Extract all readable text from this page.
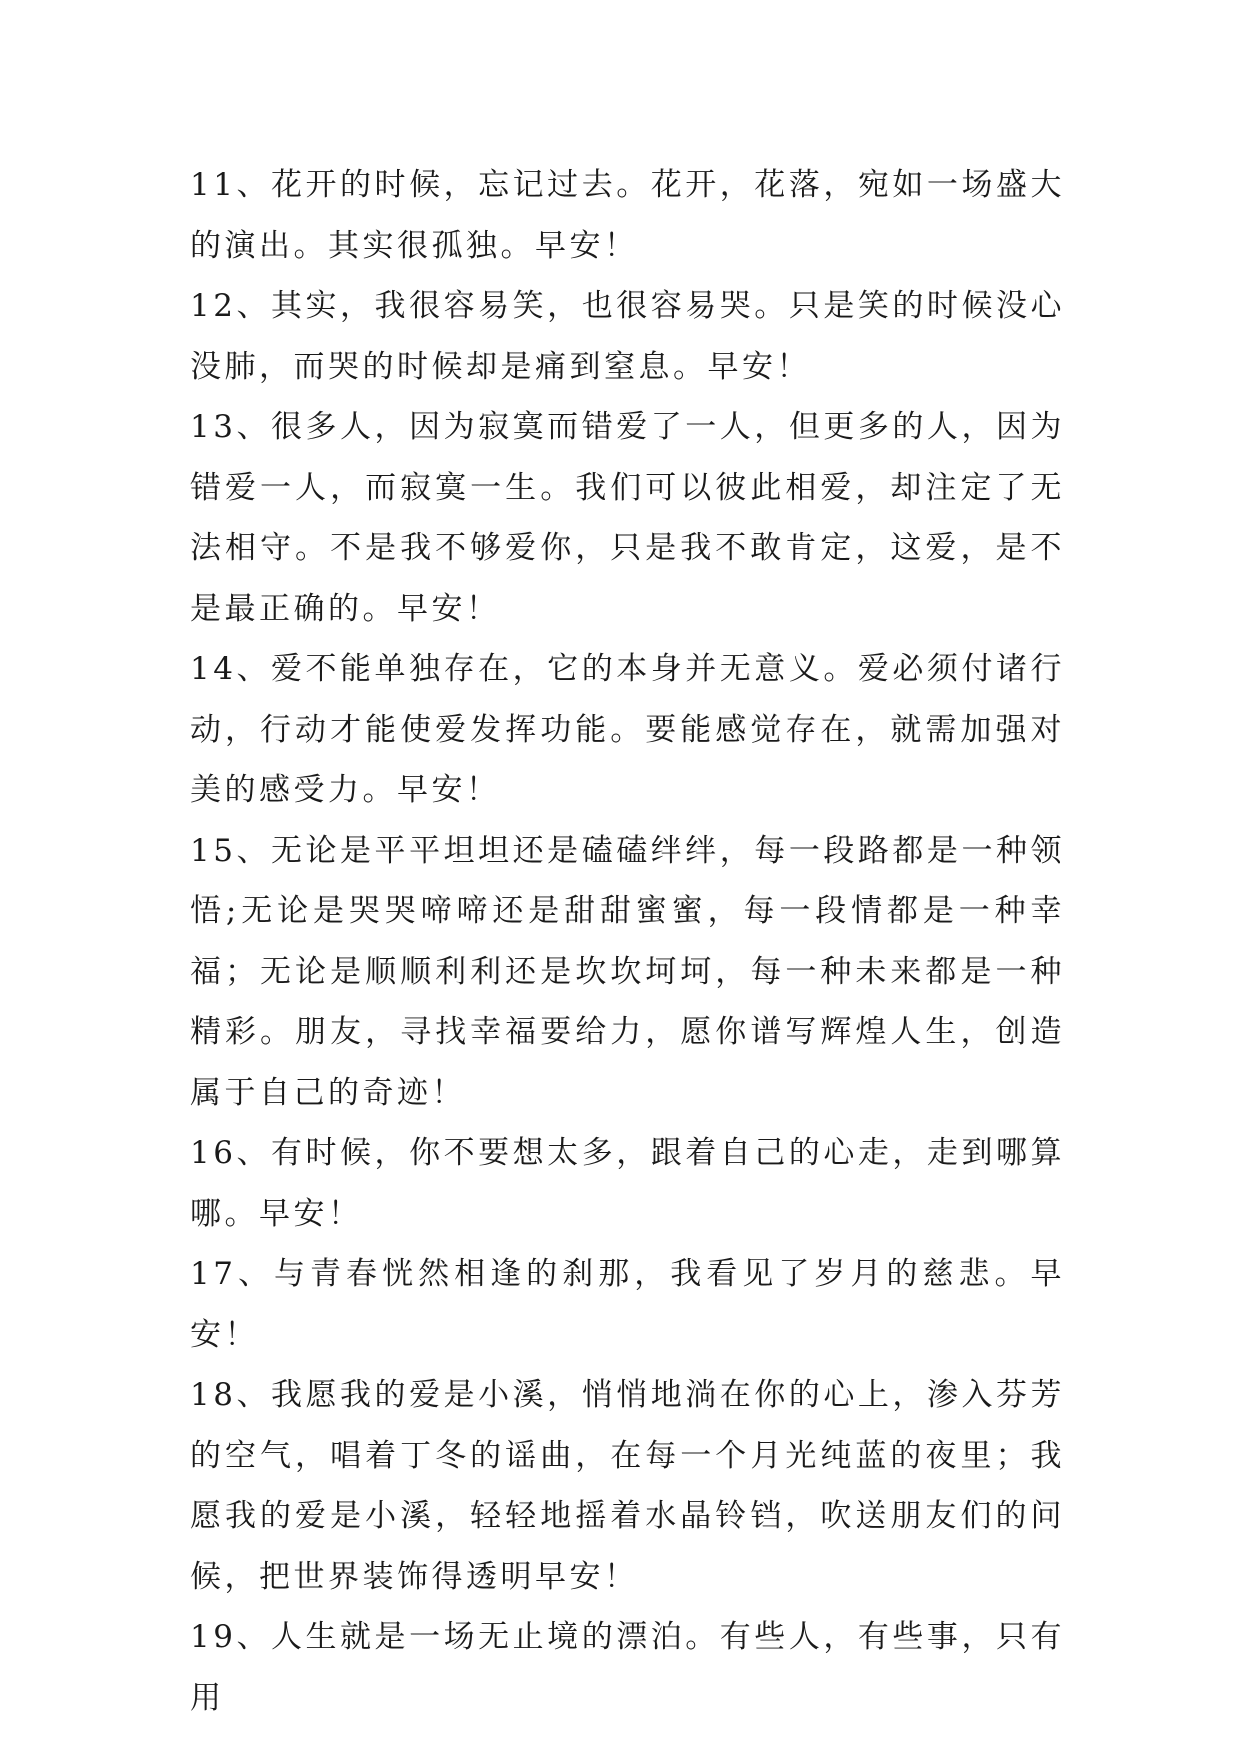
11、花开的时候，忘记过去。花开，花落，宛如一场盛大的演出。其实很孤独。早安！

12、其实，我很容易笑，也很容易哭。只是笑的时候没心没肺，而哭的时候却是痛到窒息。早安！

13、很多人，因为寂寞而错爱了一人，但更多的人，因为错爱一人，而寂寞一生。我们可以彼此相爱，却注定了无法相守。不是我不够爱你，只是我不敢肯定，这爱，是不是最正确的。早安！

14、爱不能单独存在，它的本身并无意义。爱必须付诸行动，行动才能使爱发挥功能。要能感觉存在，就需加强对美的感受力。早安！

15、无论是平平坦坦还是磕磕绊绊，每一段路都是一种领悟;无论是哭哭啼啼还是甜甜蜜蜜，每一段情都是一种幸福；无论是顺顺利利还是坎坎坷坷，每一种未来都是一种精彩。朋友，寻找幸福要给力，愿你谱写辉煌人生，创造属于自己的奇迹！

16、有时候，你不要想太多，跟着自己的心走，走到哪算哪。早安！

17、与青春恍然相逢的刹那，我看见了岁月的慈悲。早安！

18、我愿我的爱是小溪，悄悄地淌在你的心上，渗入芬芳的空气，唱着丁冬的谣曲，在每一个月光纯蓝的夜里；我愿我的爱是小溪，轻轻地摇着水晶铃铛，吹送朋友们的问候，把世界装饰得透明早安！

19、人生就是一场无止境的漂泊。有些人，有些事，只有用
